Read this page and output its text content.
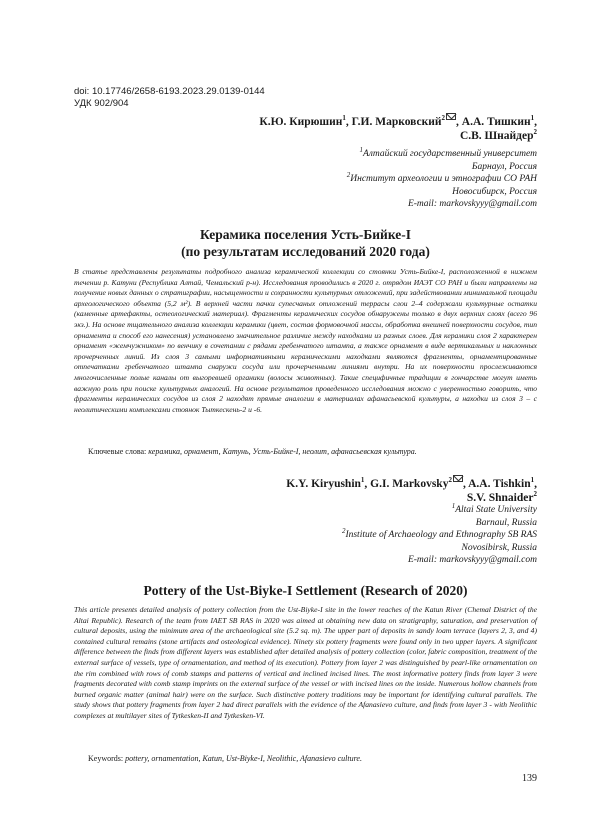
doi: 10.17746/2658-6193.2023.29.0139-0144
УДК 902/904
К.Ю. Кирюшин$^1$, Г.И. Марковский$^2$ , А.А. Тишкин$^1$,
С.В. Шнайдер$^2$
$^1$Алтайский государственный университет
Барнаул, Россия
$^2$Институт археологии и этнографии СО РАН
Новосибирск, Россия
E-mail: markovskyyy@gmail.com
Керамика поселения Усть-Бийке-I
(по результатам исследований 2020 года)
В статье представлены результаты подробного анализа керамической коллекции со стоянки Усть-Бийке-I, расположенной в нижнем течении р. Катуни (Республика Алтай, Чемальский р-н). Исследования проводились в 2020 г. отрядом ИАЭТ СО РАН и были направлены на получение новых данных о стратиграфии, насыщенности и сохранности культурных отложений, при задействовании минимальной площади археологического объекта (5,2 м²). В верхней части пачки супесчаных отложений террасы слои 2–4 содержали культурные остатки (каменные артефакты, остеологический материал). Фрагменты керамических сосудов обнаружены только в двух верхних слоях (всего 96 экз.). На основе тщательного анализа коллекции керамики (цвет, состав формовочной массы, обработка внешней поверхности сосудов, тип орнамента и способ его нанесения) установлено значительное различие между находками из разных слоев. Для керамики слоя 2 характерен орнамент «жемчужником» по венчику в сочетании с рядами гребенчатого штампа, а также орнамент в виде вертикальных и наклонных прочерченных линий. Из слоя 3 самыми информативными керамическими находками являются фрагменты, орнаментированные отпечатками гребенчатого штампа снаружи сосуда или прочерченными линиями внутри. На их поверхности прослеживаются многочисленные полые каналы от выгоревшей органики (волосы животных). Такие специфичные традиции в гончарстве могут иметь важную роль при поиске культурных аналогий. На основе результатов проведенного исследования можно с уверенностью говорить, что фрагменты керамических сосудов из слоя 2 находят прямые аналогии в материалах афанасьевской культуры, а находки из слоя 3 – с неолитическими комплексами стоянок Тыткескень-2 и -6.
Ключевые слова: керамика, орнамент, Катунь, Усть-Бийке-I, неолит, афанасьевская культура.
K.Y. Kiryushin$^1$, G.I. Markovsky$^2$ , A.A. Tishkin$^1$,
S.V. Shnaider$^2$
$^1$Altai State University
Barnaul, Russia
$^2$Institute of Archaeology and Ethnography SB RAS
Novosibirsk, Russia
E-mail: markovskyyy@gmail.com
Pottery of the Ust-Biyke-I Settlement (Research of 2020)
This article presents detailed analysis of pottery collection from the Ust-Biyke-I site in the lower reaches of the Katun River (Chemal District of the Altai Republic). Research of the team from IAET SB RAS in 2020 was aimed at obtaining new data on stratigraphy, saturation, and preservation of cultural deposits, using the minimum area of the archaeological site (5.2 sq. m). The upper part of deposits in sandy loam terrace (layers 2, 3, and 4) contained cultural remains (stone artifacts and osteological evidence). Ninety six pottery fragments were found only in two upper layers. A significant difference between the finds from different layers was established after detailed analysis of pottery collection (color, fabric composition, treatment of the external surface of vessels, type of ornamentation, and method of its execution). Pottery from layer 2 was distinguished by pearl-like ornamentation on the rim combined with rows of comb stamps and patterns of vertical and inclined incised lines. The most informative pottery finds from layer 3 were fragments decorated with comb stamp imprints on the external surface of the vessel or with incised lines on the inside. Numerous hollow channels from burned organic matter (animal hair) were on the surface. Such distinctive pottery traditions may be important for identifying cultural parallels. The study shows that pottery fragments from layer 2 had direct parallels with the evidence of the Afanasievo culture, and finds from layer 3 - with Neolithic complexes at multilayer sites of Tytkesken-II and Tytkesken-VI.
Keywords: pottery, ornamentation, Katun, Ust-Biyke-I, Neolithic, Afanasievo culture.
139
